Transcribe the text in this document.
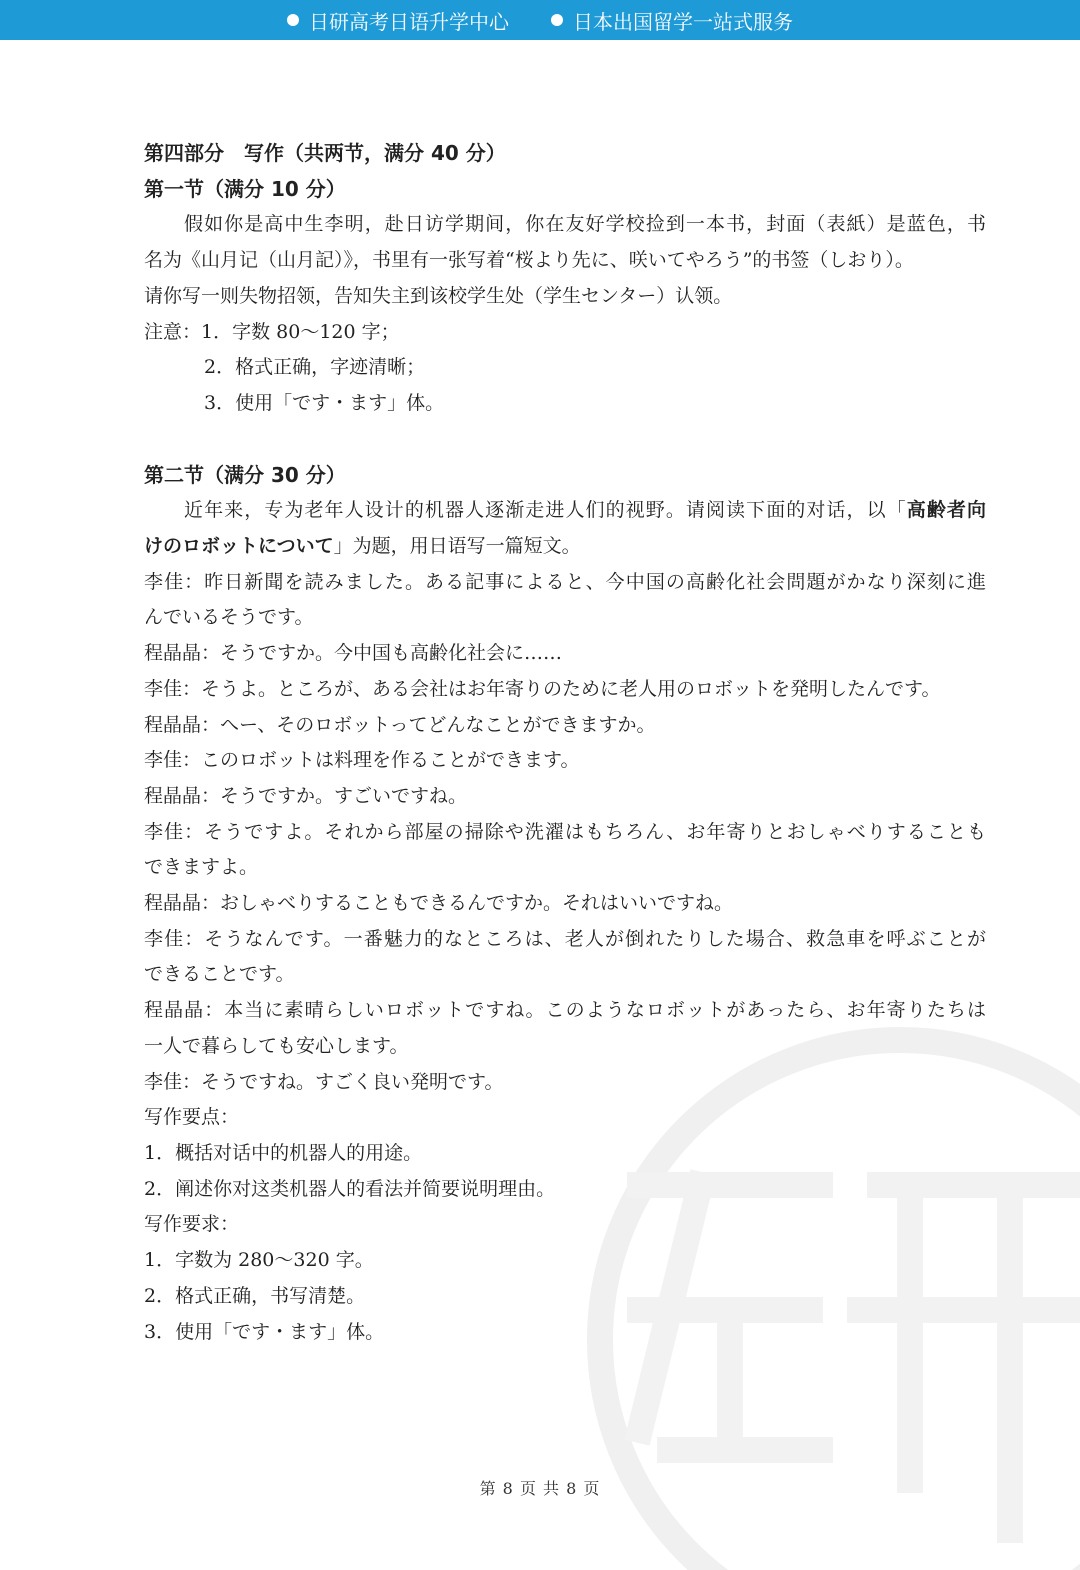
日研高考日语升学中心	日本出国留学一站式服务

第四部分　写作（共两节，满分 40 分）

第一节（满分 10 分）

假如你是高中生李明，赴日访学期间，你在友好学校捡到一本书，封面（表紙）是蓝色，书

名为《山月记（山月記）》，书里有一张写着“桜より先に、咲いてやろう”的书签（しおり）。

请你写一则失物招领，告知失主到该校学生处（学生センター）认领。

注意：1．字数 80～120 字；

2．格式正确，字迹清晰；

3．使用「です・ます」体。

第二节（满分 30 分）

近年来，专为老年人设计的机器人逐渐走进人们的视野。请阅读下面的对话，以「高齢者向

けのロボットについて」为题，用日语写一篇短文。

李佳：昨日新聞を読みました。ある記事によると、今中国の高齢化社会問題がかなり深刻に進

んでいるそうです。

程晶晶：そうですか。今中国も高齢化社会に……

李佳：そうよ。ところが、ある会社はお年寄りのために老人用のロボットを発明したんです。

程晶晶：へー、そのロボットってどんなことができますか。

李佳：このロボットは料理を作ることができます。

程晶晶：そうですか。すごいですね。

李佳：そうですよ。それから部屋の掃除や洗濯はもちろん、お年寄りとおしゃべりすることも

できますよ。

程晶晶：おしゃべりすることもできるんですか。それはいいですね。

李佳：そうなんです。一番魅力的なところは、老人が倒れたりした場合、救急車を呼ぶことが

できることです。

程晶晶：本当に素晴らしいロボットですね。このようなロボットがあったら、お年寄りたちは

一人で暮らしても安心します。

李佳：そうですね。すごく良い発明です。

写作要点：

1．概括对话中的机器人的用途。

2．阐述你对这类机器人的看法并简要说明理由。

写作要求：

1．字数为 280～320 字。

2．格式正确，书写清楚。

3．使用「です・ます」体。

第 8 页 共 8 页
